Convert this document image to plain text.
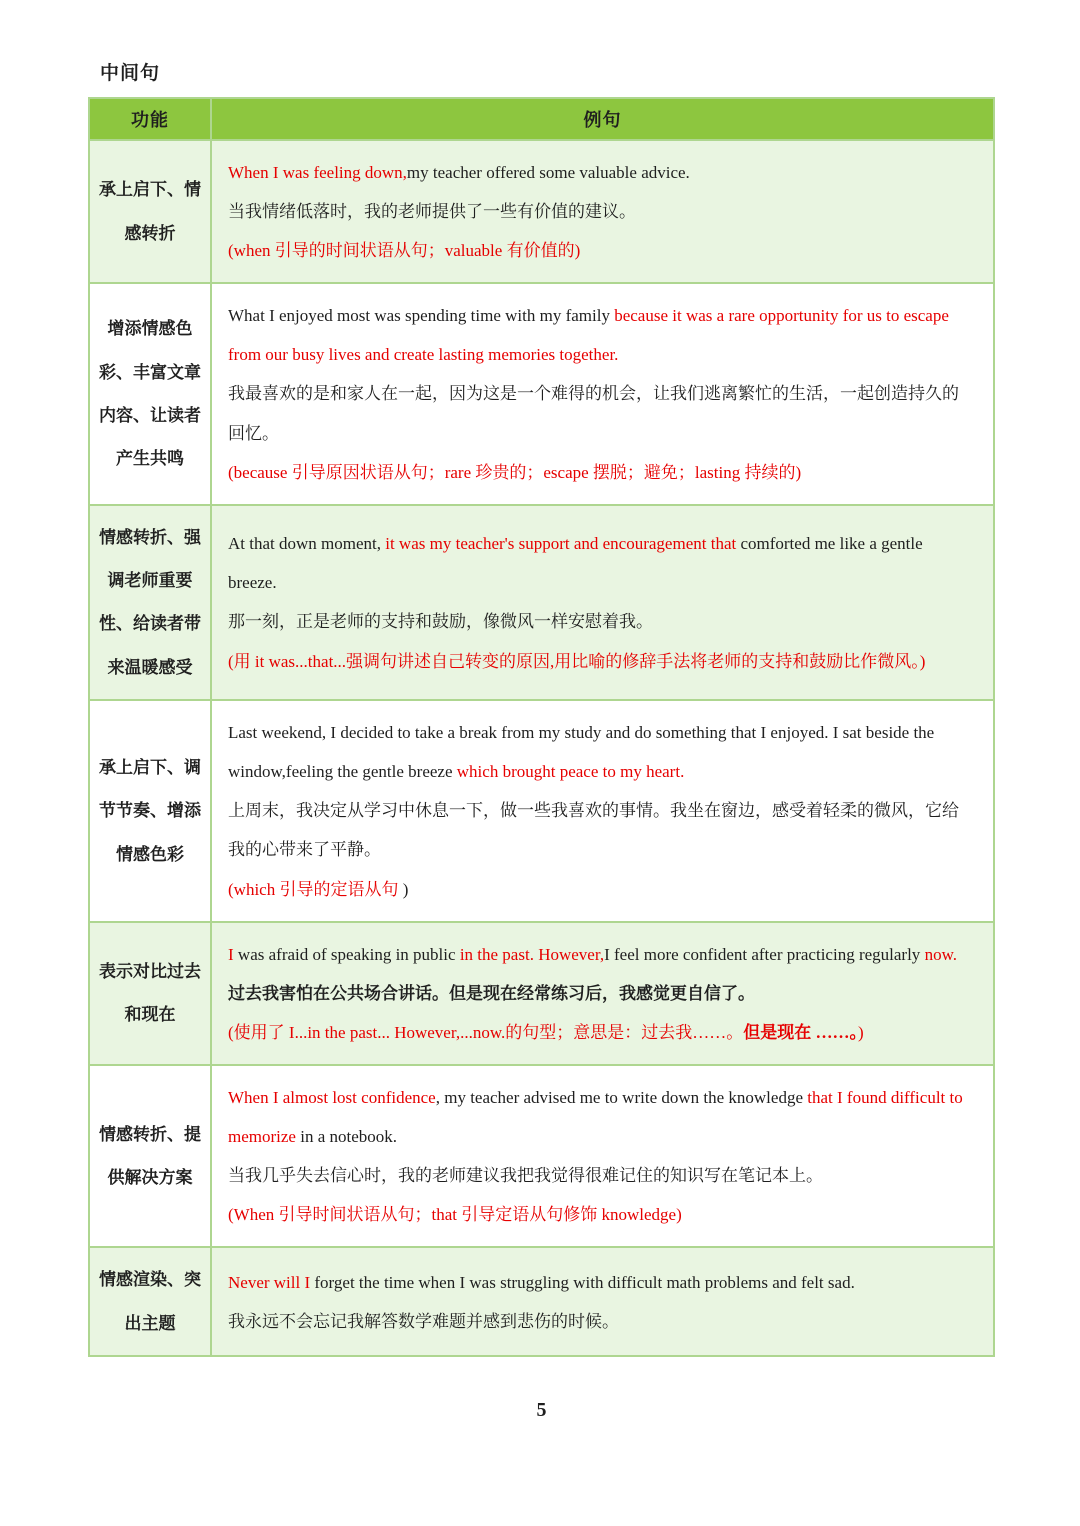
中间句
功能	例句
承上启下、情感转折	When I was feeling down,my teacher offered some valuable advice.

当我情绪低落时，我的老师提供了一些有价值的建议。

(when 引导的时间状语从句；valuable 有价值的)

增添情感色彩、丰富文章内容、让读者产生共鸣	What I enjoyed most was spending time with my family because it was a rare opportunity for us to escape from our busy lives and create lasting memories together.

我最喜欢的是和家人在一起，因为这是一个难得的机会，让我们逃离繁忙的生活，一起创造持久的回忆。

(because 引导原因状语从句；rare 珍贵的；escape 摆脱；避免；lasting 持续的)

情感转折、强调老师重要性、给读者带来温暖感受	At that down moment, it was my teacher's support and encouragement that comforted me like a gentle breeze.

那一刻，正是老师的支持和鼓励，像微风一样安慰着我。

(用 it was...that...强调句讲述自己转变的原因,用比喻的修辞手法将老师的支持和鼓励比作微风。)

承上启下、调节节奏、增添情感色彩	Last weekend, I decided to take a break from my study and do something that I enjoyed. I sat beside the window,feeling the gentle breeze which brought peace to my heart.

上周末，我决定从学习中休息一下，做一些我喜欢的事情。我坐在窗边，感受着轻柔的微风，它给我的心带来了平静。

(which 引导的定语从句 )

表示对比过去和现在	I was afraid of speaking in public in the past. However,I feel more confident after practicing regularly now.

过去我害怕在公共场合讲话。但是现在经常练习后，我感觉更自信了。

(使用了 I...in the past... However,...now.的句型；意思是：过去我……。但是现在 ……。)

情感转折、提供解决方案	When I almost lost confidence, my teacher advised me to write down the knowledge that I found difficult to memorize in a notebook.

当我几乎失去信心时，我的老师建议我把我觉得很难记住的知识写在笔记本上。

(When 引导时间状语从句；that 引导定语从句修饰 knowledge)

情感渲染、突出主题	Never will I forget the time when I was struggling with difficult math problems and felt sad.

我永远不会忘记我解答数学难题并感到悲伤的时候。

5
